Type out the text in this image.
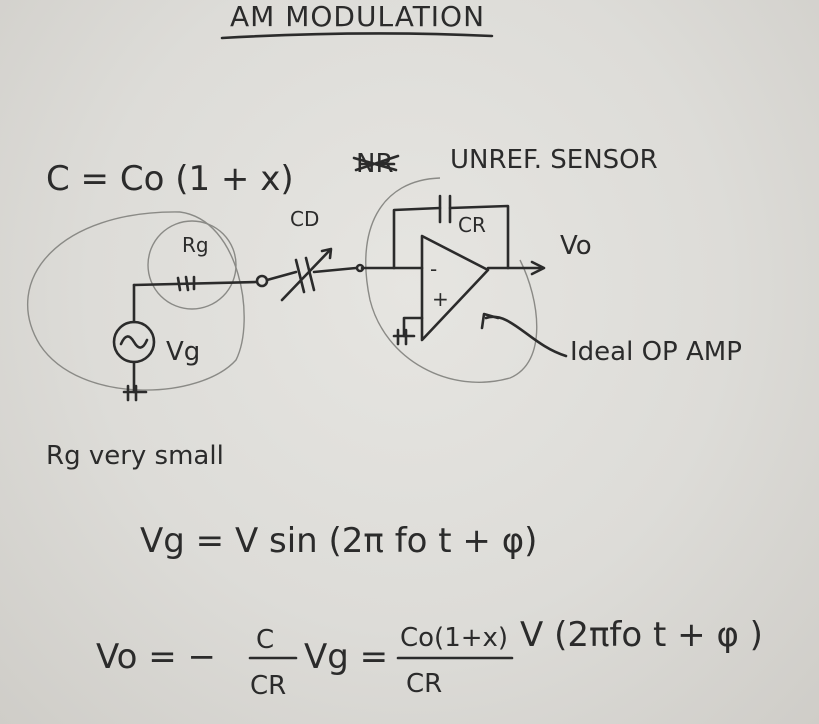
AM MODULATION
C = Co (1 + x) NR UNREF. SENSOR
Rg
CD	CR
Vo
Vg
-
+
Ideal OP AMP
Rg very small
Vg = V sin (2π fo t + φ)
Vo = − C
CR
Vg = Co(1+x)
CR
V (2πfo t + φ )
